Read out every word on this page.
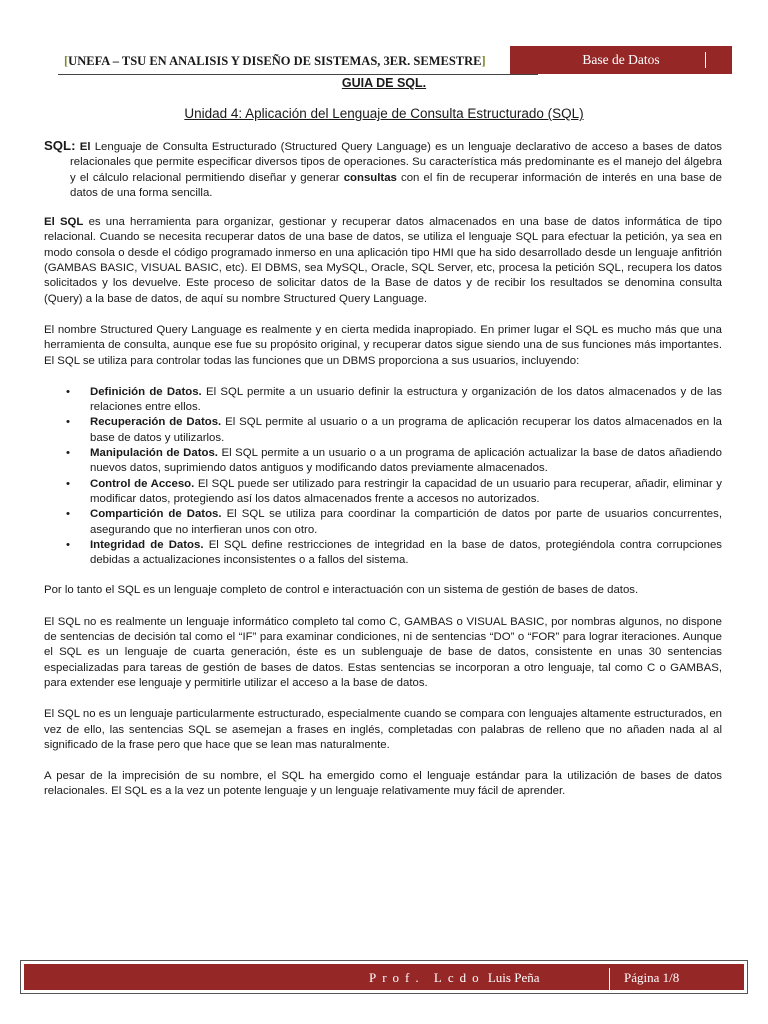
[UNEFA – TSU EN ANALISIS Y DISEÑO DE SISTEMAS, 3ER. SEMESTRE]	Base de Datos
GUIA DE SQL.
Unidad 4: Aplicación del Lenguaje de Consulta Estructurado (SQL)

SQL: El Lenguaje de Consulta Estructurado (Structured Query Language) es un lenguaje declarativo de acceso a bases de datos relacionales que permite especificar diversos tipos de operaciones. Su característica más predominante es el manejo del álgebra y el cálculo relacional permitiendo diseñar y generar consultas con el fin de recuperar información de interés en una base de datos de una forma sencilla.

El SQL es una herramienta para organizar, gestionar y recuperar datos almacenados en una base de datos informática de tipo relacional. Cuando se necesita recuperar datos de una base de datos, se utiliza el lenguaje SQL para efectuar la petición, ya sea en modo consola o desde el código programado inmerso en una aplicación tipo HMI que ha sido desarrollado desde un lenguaje anfitrión (GAMBAS BASIC, VISUAL BASIC, etc). El DBMS, sea MySQL, Oracle, SQL Server, etc, procesa la petición SQL, recupera los datos solicitados y los devuelve. Este proceso de solicitar datos de la Base de datos y de recibir los resultados se denomina consulta (Query) a la base de datos, de aquí su nombre Structured Query Language.

El nombre Structured Query Language es realmente y en cierta medida inapropiado. En primer lugar el SQL es mucho más que una herramienta de consulta, aunque ese fue su propósito original, y recuperar datos sigue siendo una de sus funciones más importantes. El SQL se utiliza para controlar todas las funciones que un DBMS proporciona a sus usuarios, incluyendo:

• Definición de Datos. El SQL permite a un usuario definir la estructura y organización de los datos almacenados y de las relaciones entre ellos.
• Recuperación de Datos. El SQL permite al usuario o a un programa de aplicación recuperar los datos almacenados en la base de datos y utilizarlos.
• Manipulación de Datos. El SQL permite a un usuario o a un programa de aplicación actualizar la base de datos añadiendo nuevos datos, suprimiendo datos antiguos y modificando datos previamente almacenados.
• Control de Acceso. El SQL puede ser utilizado para restringir la capacidad de un usuario para recuperar, añadir, eliminar y modificar datos, protegiendo así los datos almacenados frente a accesos no autorizados.
• Compartición de Datos. El SQL se utiliza para coordinar la compartición de datos por parte de usuarios concurrentes, asegurando que no interfieran unos con otro.
• Integridad de Datos. El SQL define restricciones de integridad en la base de datos, protegiéndola contra corrupciones debidas a actualizaciones inconsistentes o a fallos del sistema.

Por lo tanto el SQL es un lenguaje completo de control e interactuación con un sistema de gestión de bases de datos.

El SQL no es realmente un lenguaje informático completo tal como C, GAMBAS o VISUAL BASIC, por nombras algunos, no dispone de sentencias de decisión tal como el “IF” para examinar condiciones, ni de sentencias “DO” o “FOR” para lograr iteraciones. Aunque el SQL es un lenguaje de cuarta generación, éste es un sublenguaje de base de datos, consistente en unas 30 sentencias especializadas para tareas de gestión de bases de datos. Estas sentencias se incorporan a otro lenguaje, tal como C o GAMBAS, para extender ese lenguaje y permitirle utilizar el acceso a la base de datos.

El SQL no es un lenguaje particularmente estructurado, especialmente cuando se compara con lenguajes altamente estructurados, en vez de ello, las sentencias SQL se asemejan a frases en inglés, completadas con palabras de relleno que no añaden nada al al significado de la frase pero que hace que se lean mas naturalmente.

A pesar de la imprecisión de su nombre, el SQL ha emergido como el lenguaje estándar para la utilización de bases de datos relacionales. El SQL es a la vez un potente lenguaje y un lenguaje relativamente muy fácil de aprender.

Prof. Lcdo Luis Peña	Página 1/8
